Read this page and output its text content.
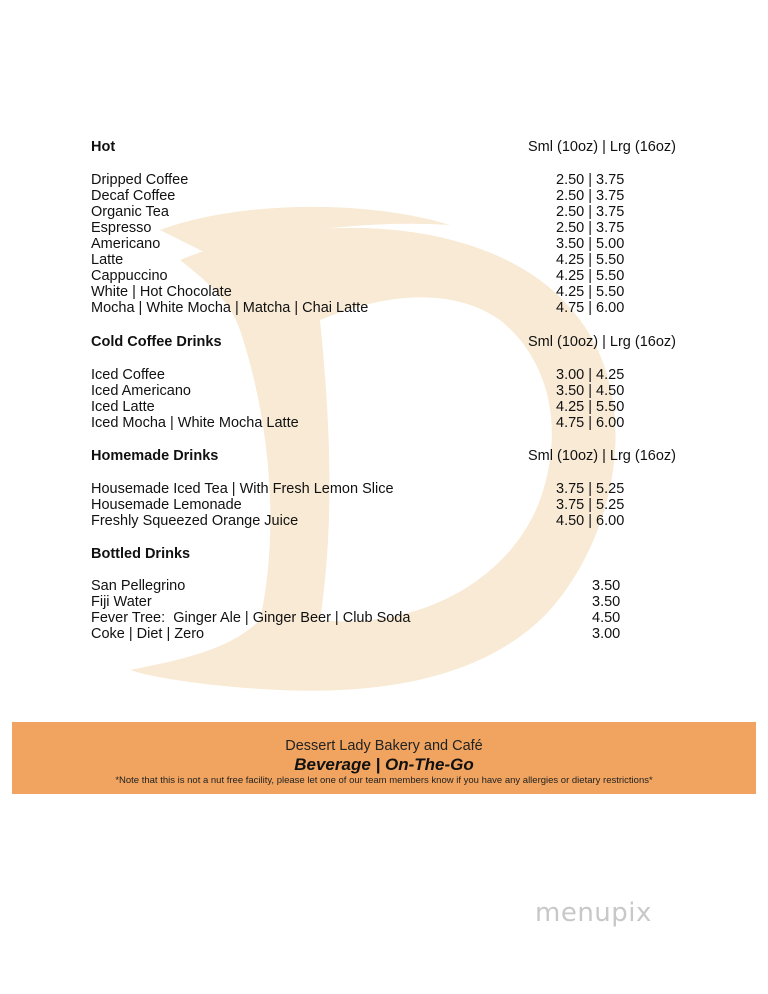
Hot	Sml (10oz) | Lrg (16oz)
Dripped Coffee	2.50 | 3.75
Decaf Coffee	2.50 | 3.75
Organic Tea	2.50 | 3.75
Espresso	2.50 | 3.75
Americano	3.50 | 5.00
Latte	4.25 | 5.50
Cappuccino	4.25 | 5.50
White | Hot Chocolate	4.25 | 5.50
Mocha | White Mocha | Matcha | Chai Latte	4.75 | 6.00
Cold Coffee Drinks	Sml (10oz) | Lrg (16oz)
Iced Coffee	3.00 | 4.25
Iced Americano	3.50 | 4.50
Iced Latte	4.25 | 5.50
Iced Mocha | White Mocha Latte	4.75 | 6.00
Homemade Drinks	Sml (10oz) | Lrg (16oz)
Housemade Iced Tea | With Fresh Lemon Slice	3.75 | 5.25
Housemade Lemonade	3.75 | 5.25
Freshly Squeezed Orange Juice	4.50 | 6.00
Bottled Drinks
San Pellegrino	3.50
Fiji Water	3.50
Fever Tree:  Ginger Ale | Ginger Beer | Club Soda	4.50
Coke | Diet | Zero	3.00
Dessert Lady Bakery and Café
Beverage | On-The-Go
*Note that this is not a nut free facility, please let one of our team members know if you have any allergies or dietary restrictions*
menupix
